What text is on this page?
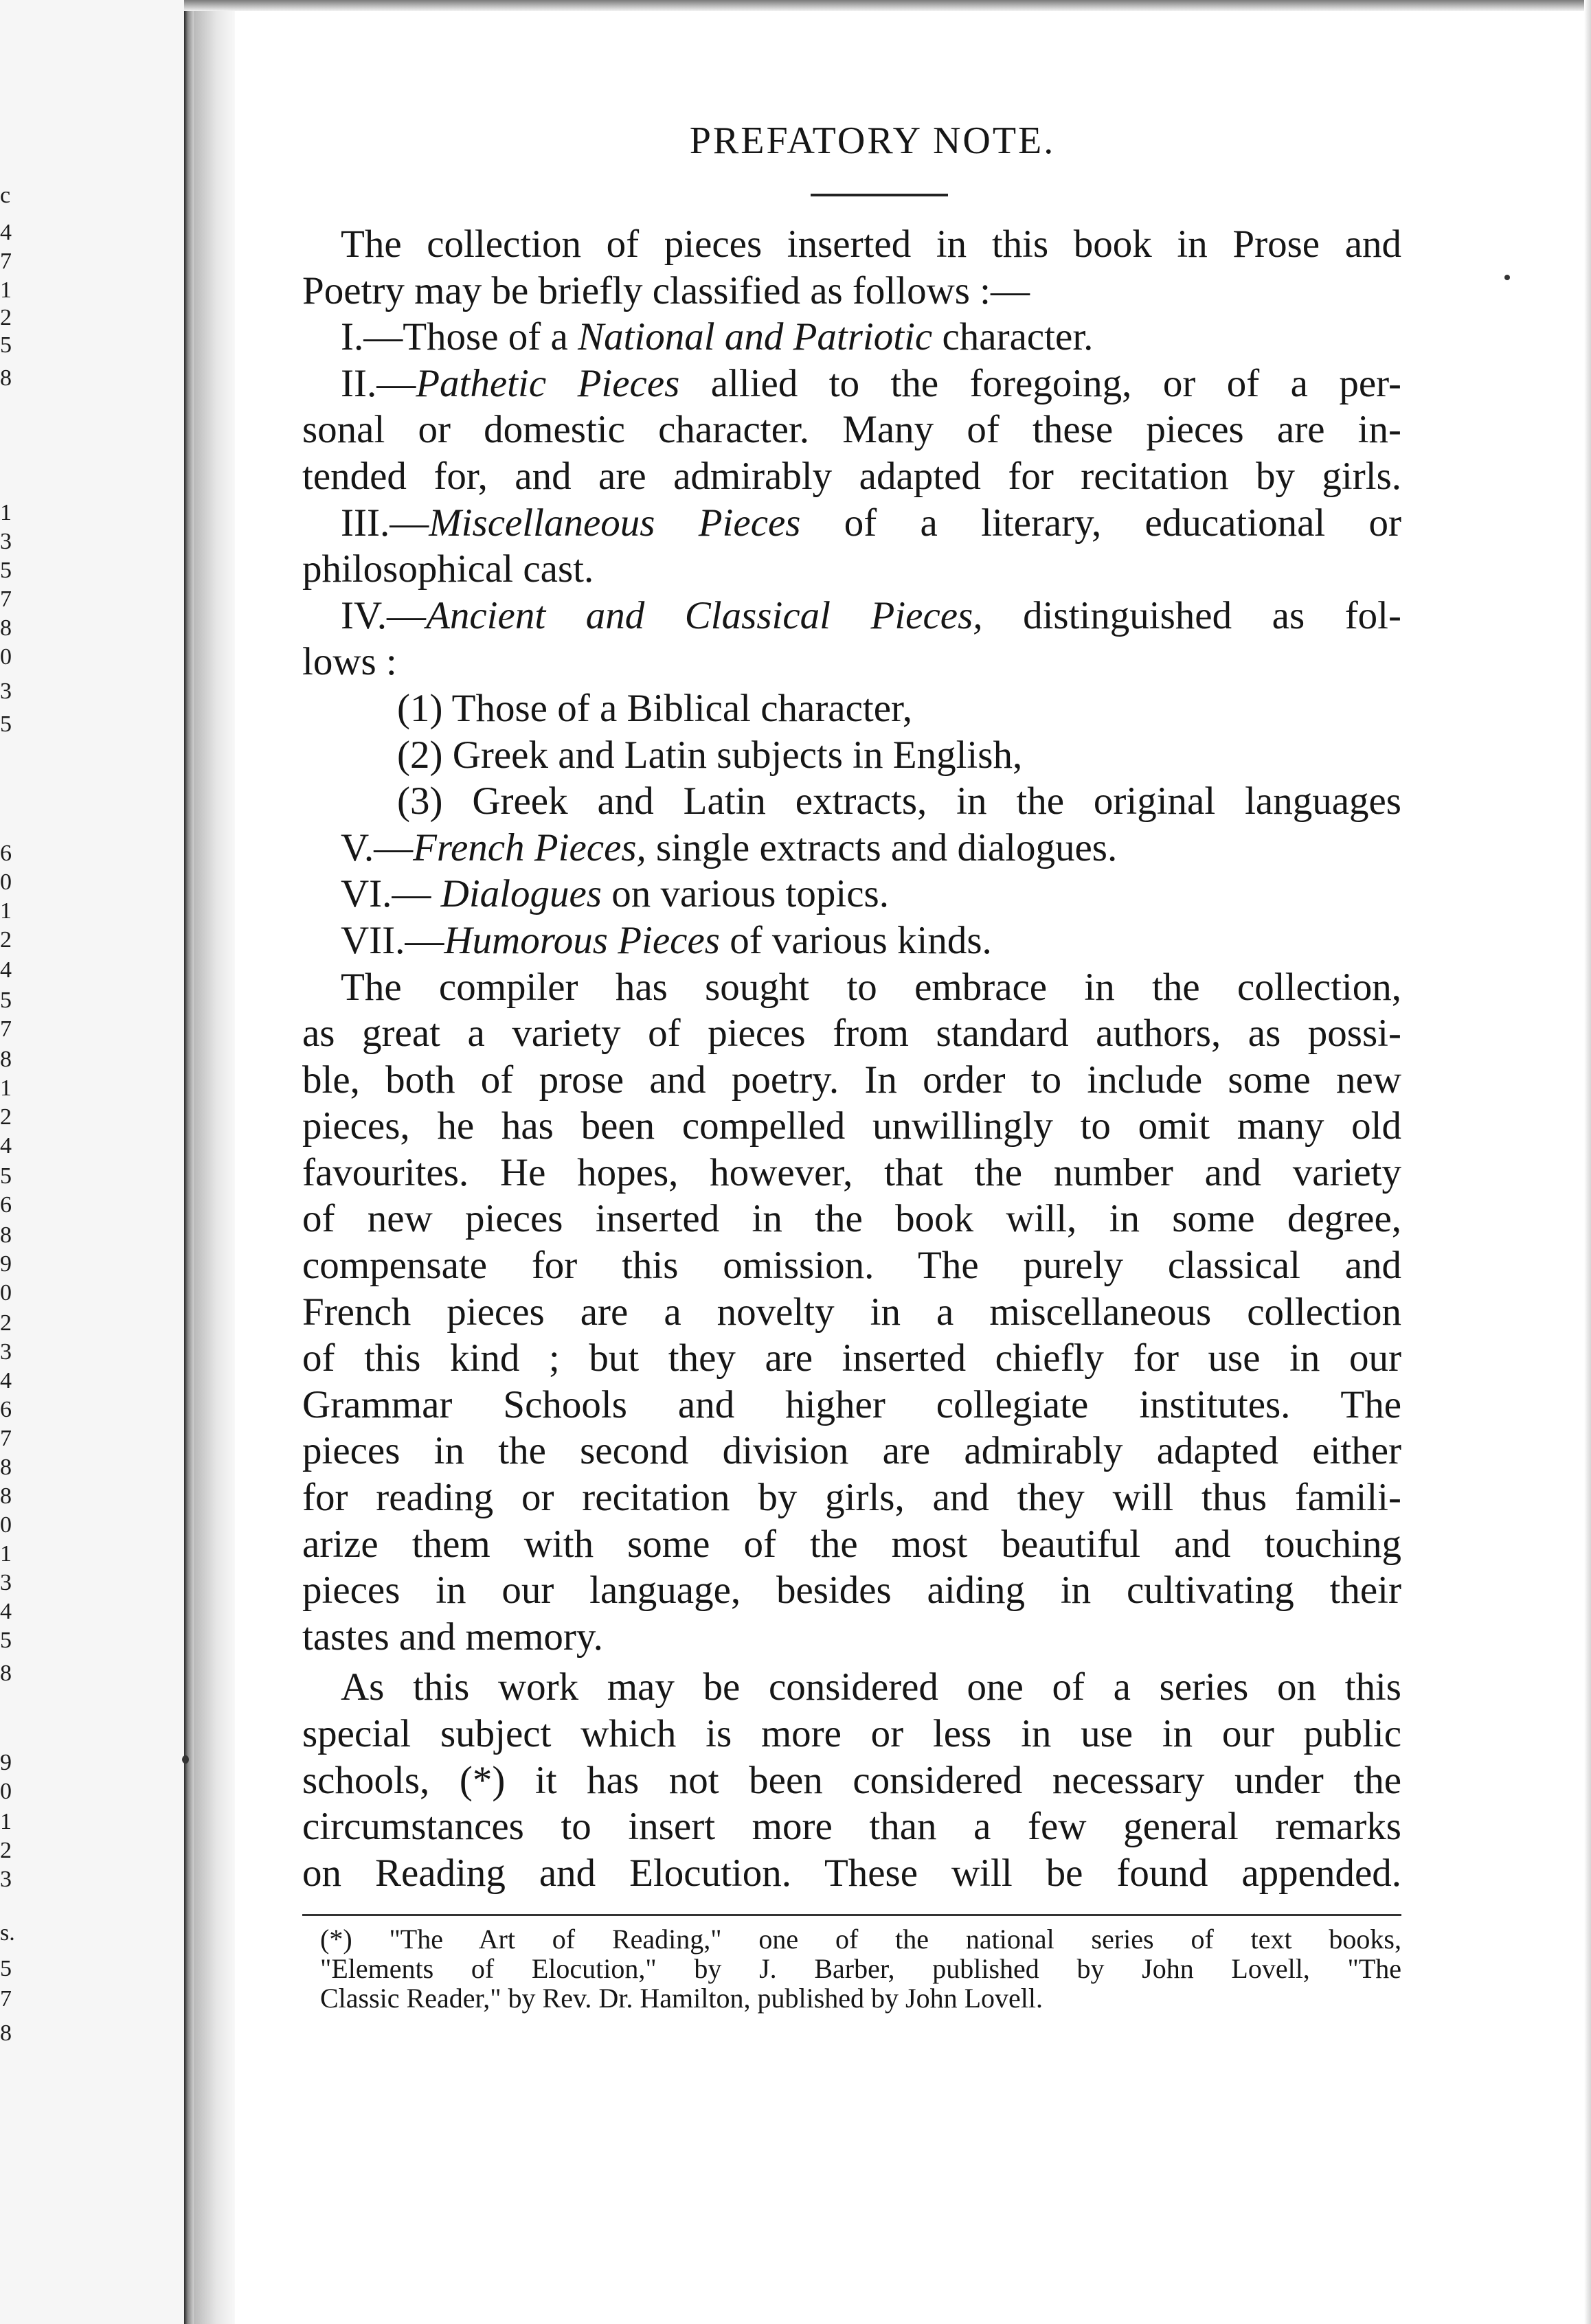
c
4
7
1
2
5
8
1
3
5
7
8
0
3
5
6
0
1
2
4
5
7
8
1
2
4
5
6
8
9
0
2
3
4
6
7
8
8
0
1
3
4
5
8
9
0
1
2
3
s.
5
7
8
PREFATORY NOTE.
The collection of pieces inserted in this book in Prose and
Poetry may be briefly classified as follows :—
I.—Those of a National and Patriotic character.
II.—Pathetic Pieces allied to the foregoing, or of a per-
sonal or domestic character. Many of these pieces are in-
tended for, and are admirably adapted for recitation by girls.
III.—Miscellaneous Pieces of a literary, educational or
philosophical cast.
IV.—Ancient and Classical Pieces, distinguished as fol-
lows :
(1) Those of a Biblical character,
(2) Greek and Latin subjects in English,
(3) Greek and Latin extracts, in the original languages
V.—French Pieces, single extracts and dialogues.
VI.— Dialogues on various topics.
VII.—Humorous Pieces of various kinds.
The compiler has sought to embrace in the collection,
as great a variety of pieces from standard authors, as possi-
ble, both of prose and poetry. In order to include some new
pieces, he has been compelled unwillingly to omit many old
favourites. He hopes, however, that the number and variety
of new pieces inserted in the book will, in some degree,
compensate for this omission. The purely classical and
French pieces are a novelty in a miscellaneous collection
of this kind ; but they are inserted chiefly for use in our
Grammar Schools and higher collegiate institutes. The
pieces in the second division are admirably adapted either
for reading or recitation by girls, and they will thus famili-
arize them with some of the most beautiful and touching
pieces in our language, besides aiding in cultivating their
tastes and memory.
As this work may be considered one of a series on this
special subject which is more or less in use in our public
schools, (*) it has not been considered necessary under the
circumstances to insert more than a few general remarks
on Reading and Elocution. These will be found appended.
(*) "The Art of Reading," one of the national series of text books,
"Elements of Elocution," by J. Barber, published by John Lovell, "The
Classic Reader," by Rev. Dr. Hamilton, published by John Lovell.
